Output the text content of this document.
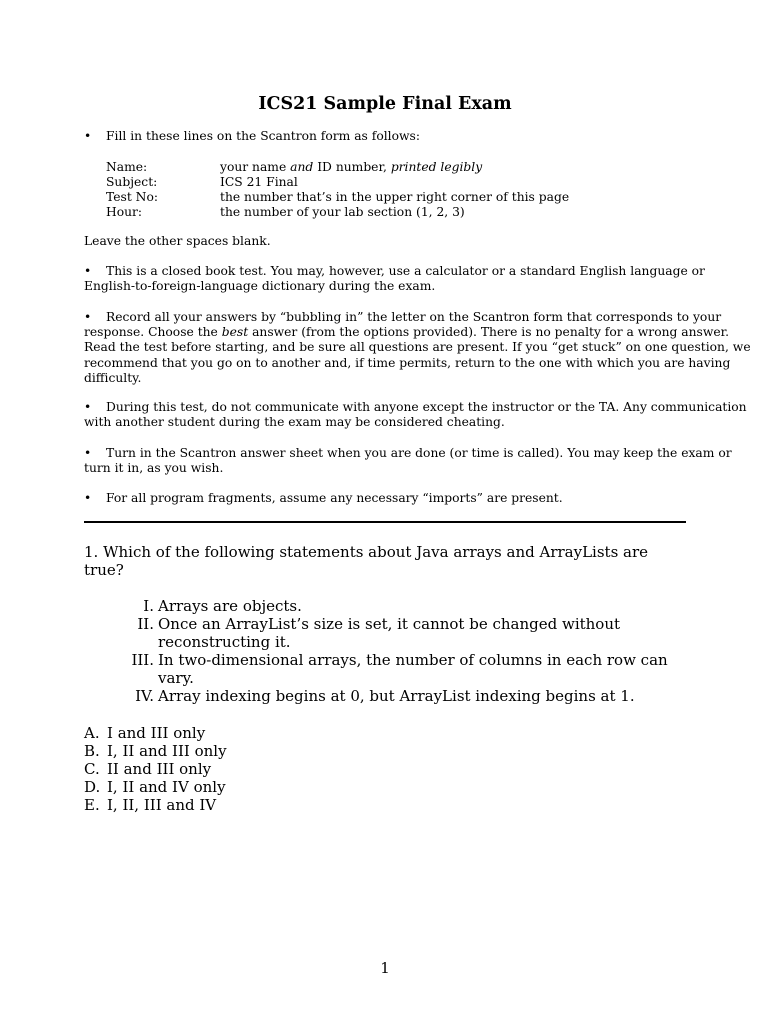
ICS21 Sample Final Exam
• Fill in these lines on the Scantron form as follows:
Name:	your name and ID number, printed legibly
Subject:	ICS 21 Final
Test No:	the number that’s in the upper right corner of this page
Hour:	the number of your lab section (1, 2, 3)
Leave the other spaces blank.
• This is a closed book test. You may, however, use a calculator or a standard English language or English-to-foreign-language dictionary during the exam.
• Record all your answers by “bubbling in” the letter on the Scantron form that corresponds to your response. Choose the best answer (from the options provided). There is no penalty for a wrong answer. Read the test before starting, and be sure all questions are present. If you “get stuck” on one question, we recommend that you go on to another and, if time permits, return to the one with which you are having difficulty.
• During this test, do not communicate with anyone except the instructor or the TA. Any communication with another student during the exam may be considered cheating.
• Turn in the Scantron answer sheet when you are done (or time is called). You may keep the exam or turn it in, as you wish.
• For all program fragments, assume any necessary “imports” are present.
1. Which of the following statements about Java arrays and ArrayLists are true?
I. Arrays are objects.
II. Once an ArrayList’s size is set, it cannot be changed without reconstructing it.
III. In two-dimensional arrays, the number of columns in each row can vary.
IV. Array indexing begins at 0, but ArrayList indexing begins at 1.
A. I and III only
B. I, II and III only
C. II and III only
D. I, II and IV only
E. I, II, III and IV
1
